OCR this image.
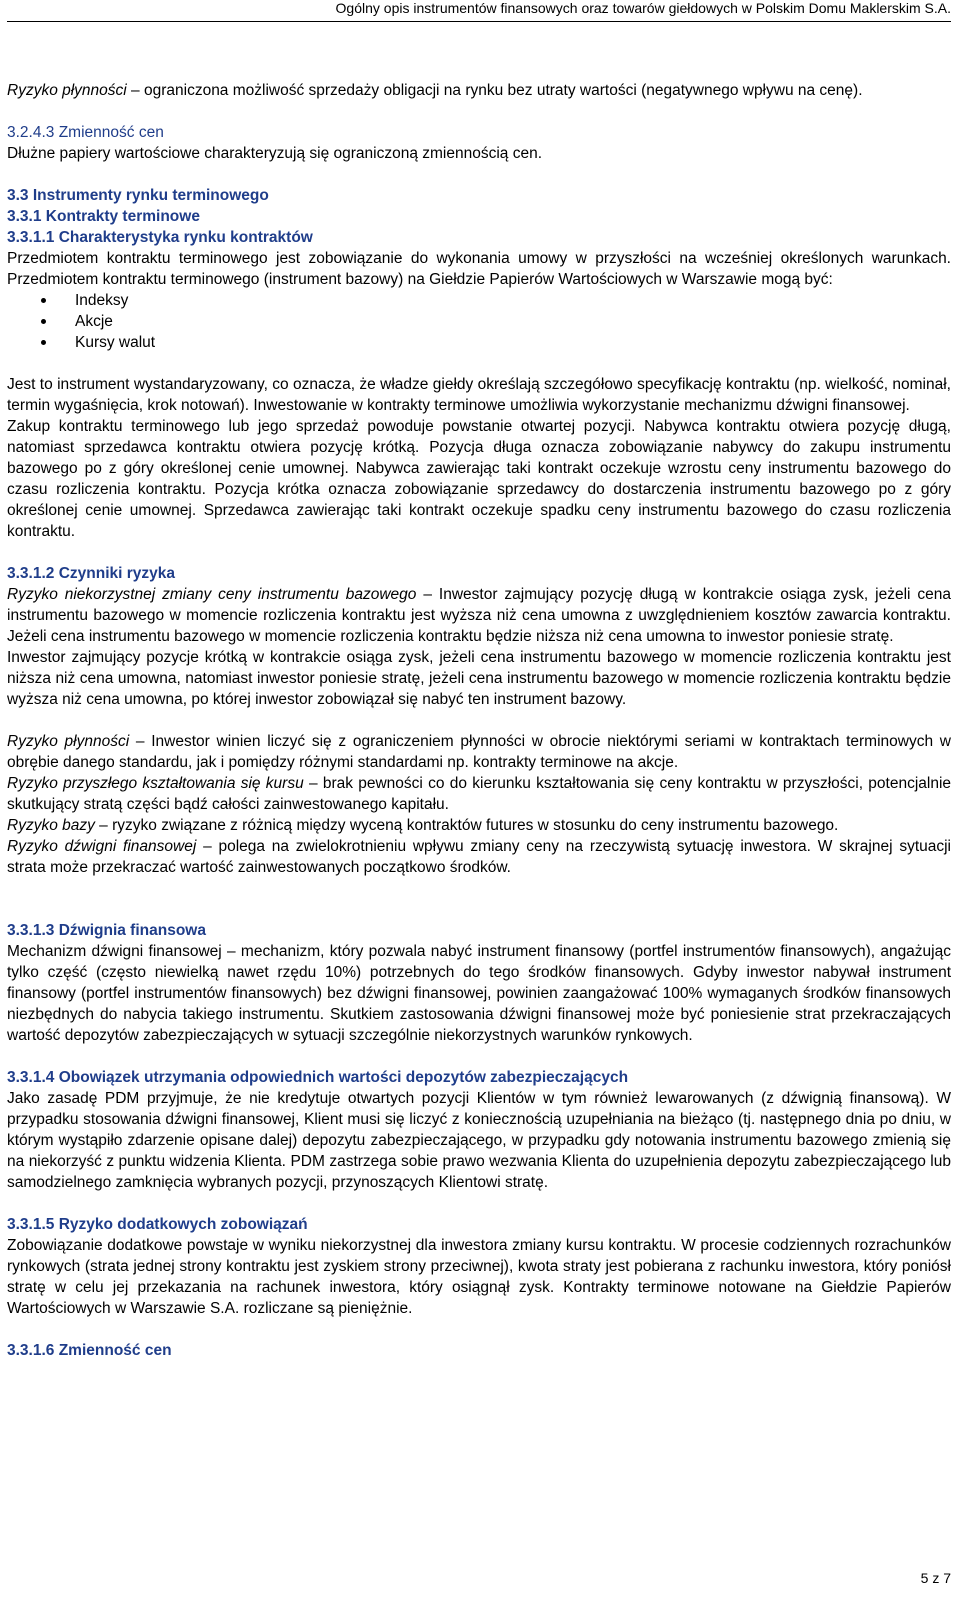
Ogólny opis instrumentów finansowych oraz towarów giełdowych w Polskim Domu Maklerskim S.A.

Ryzyko płynności – ograniczona możliwość sprzedaży obligacji na rynku bez utraty wartości (negatywnego wpływu na cenę).

3.2.4.3 Zmienność cen

Dłużne papiery wartościowe charakteryzują się ograniczoną zmiennością cen.

3.3 Instrumenty rynku terminowego

3.3.1 Kontrakty terminowe

3.3.1.1 Charakterystyka rynku kontraktów

Przedmiotem kontraktu terminowego jest zobowiązanie do wykonania umowy w przyszłości na wcześniej określonych warunkach. Przedmiotem kontraktu terminowego (instrument bazowy) na Giełdzie Papierów Wartościowych w Warszawie mogą być:

Indeksy
Akcje
Kursy walut

Jest to instrument wystandaryzowany, co oznacza, że władze giełdy określają szczegółowo specyfikację kontraktu (np. wielkość, nominał, termin wygaśnięcia, krok notowań). Inwestowanie w kontrakty terminowe umożliwia wykorzystanie mechanizmu dźwigni finansowej.

Zakup kontraktu terminowego lub jego sprzedaż powoduje powstanie otwartej pozycji. Nabywca kontraktu otwiera pozycję długą, natomiast sprzedawca kontraktu otwiera pozycję krótką. Pozycja długa oznacza zobowiązanie nabywcy do zakupu instrumentu bazowego po z góry określonej cenie umownej. Nabywca zawierając taki kontrakt oczekuje wzrostu ceny instrumentu bazowego do czasu rozliczenia kontraktu. Pozycja krótka oznacza zobowiązanie sprzedawcy do dostarczenia instrumentu bazowego po z góry określonej cenie umownej. Sprzedawca zawierając taki kontrakt oczekuje spadku ceny instrumentu bazowego do czasu rozliczenia kontraktu.

3.3.1.2 Czynniki ryzyka

Ryzyko niekorzystnej zmiany ceny instrumentu bazowego – Inwestor zajmujący pozycję długą w kontrakcie osiąga zysk, jeżeli cena instrumentu bazowego w momencie rozliczenia kontraktu jest wyższa niż cena umowna z uwzględnieniem kosztów zawarcia kontraktu. Jeżeli cena instrumentu bazowego w momencie rozliczenia kontraktu będzie niższa niż cena umowna to inwestor poniesie stratę.

Inwestor zajmujący pozycje krótką w kontrakcie osiąga zysk, jeżeli cena instrumentu bazowego w momencie rozliczenia kontraktu jest niższa niż cena umowna, natomiast inwestor poniesie stratę, jeżeli cena instrumentu bazowego w momencie rozliczenia kontraktu będzie wyższa niż cena umowna, po której inwestor zobowiązał się nabyć ten instrument bazowy.

Ryzyko płynności – Inwestor winien liczyć się z ograniczeniem płynności w obrocie niektórymi seriami w kontraktach terminowych w obrębie danego standardu, jak i pomiędzy różnymi standardami np. kontrakty terminowe na akcje.

Ryzyko przyszłego kształtowania się kursu – brak pewności co do kierunku kształtowania się ceny kontraktu w przyszłości, potencjalnie skutkujący stratą części bądź całości zainwestowanego kapitału.

Ryzyko bazy – ryzyko związane z różnicą między wyceną kontraktów futures w stosunku do ceny instrumentu bazowego.

Ryzyko dźwigni finansowej – polega na zwielokrotnieniu wpływu zmiany ceny na rzeczywistą sytuację inwestora. W skrajnej sytuacji strata może przekraczać wartość zainwestowanych początkowo środków.

3.3.1.3 Dźwignia finansowa

Mechanizm dźwigni finansowej – mechanizm, który pozwala nabyć instrument finansowy (portfel instrumentów finansowych), angażując tylko część (często niewielką nawet rzędu 10%) potrzebnych do tego środków finansowych. Gdyby inwestor nabywał instrument finansowy (portfel instrumentów finansowych) bez dźwigni finansowej, powinien zaangażować 100% wymaganych środków finansowych niezbędnych do nabycia takiego instrumentu. Skutkiem zastosowania dźwigni finansowej może być poniesienie strat przekraczających wartość depozytów zabezpieczających w sytuacji szczególnie niekorzystnych warunków rynkowych.

3.3.1.4 Obowiązek utrzymania odpowiednich wartości depozytów zabezpieczających

Jako zasadę PDM przyjmuje, że nie kredytuje otwartych pozycji Klientów w tym również lewarowanych (z dźwignią finansową). W przypadku stosowania dźwigni finansowej, Klient musi się liczyć z koniecznością uzupełniania na bieżąco (tj. następnego dnia po dniu, w którym wystąpiło zdarzenie opisane dalej) depozytu zabezpieczającego, w przypadku gdy notowania instrumentu bazowego zmienią się na niekorzyść z punktu widzenia Klienta. PDM zastrzega sobie prawo wezwania Klienta do uzupełnienia depozytu zabezpieczającego lub samodzielnego zamknięcia wybranych pozycji, przynoszących Klientowi stratę.

3.3.1.5 Ryzyko dodatkowych zobowiązań

Zobowiązanie dodatkowe powstaje w wyniku niekorzystnej dla inwestora zmiany kursu kontraktu. W procesie codziennych rozrachunków rynkowych (strata jednej strony kontraktu jest zyskiem strony przeciwnej), kwota straty jest pobierana z rachunku inwestora, który poniósł stratę w celu jej przekazania na rachunek inwestora, który osiągnął zysk. Kontrakty terminowe notowane na Giełdzie Papierów Wartościowych w Warszawie S.A. rozliczane są pieniężnie.

3.3.1.6 Zmienność cen

5 z 7
